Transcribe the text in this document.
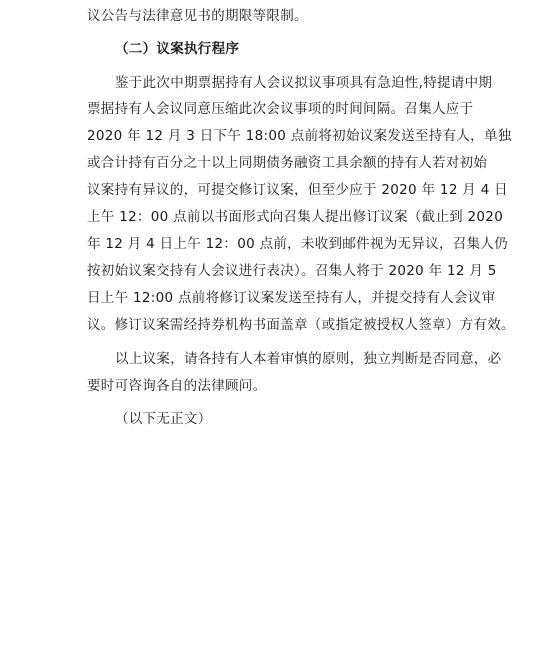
议公告与法律意见书的期限等限制。
（二）议案执行程序
鉴于此次中期票据持有人会议拟议事项具有急迫性,特提请中期
票据持有人会议同意压缩此次会议事项的时间间隔。召集人应于
2020 年 12 月 3 日下午 18:00 点前将初始议案发送至持有人，单独
或合计持有百分之十以上同期债务融资工具余额的持有人若对初始
议案持有异议的，可提交修订议案，但至少应于 2020 年 12 月 4 日
上午 12：00 点前以书面形式向召集人提出修订议案（截止到 2020
年 12 月 4 日上午 12：00 点前，未收到邮件视为无异议，召集人仍
按初始议案交持有人会议进行表决）。召集人将于 2020 年 12 月 5
日上午 12:00 点前将修订议案发送至持有人，并提交持有人会议审
议。修订议案需经持券机构书面盖章（或指定被授权人签章）方有效。
以上议案，请各持有人本着审慎的原则，独立判断是否同意，必
要时可咨询各自的法律顾问。
（以下无正文）
